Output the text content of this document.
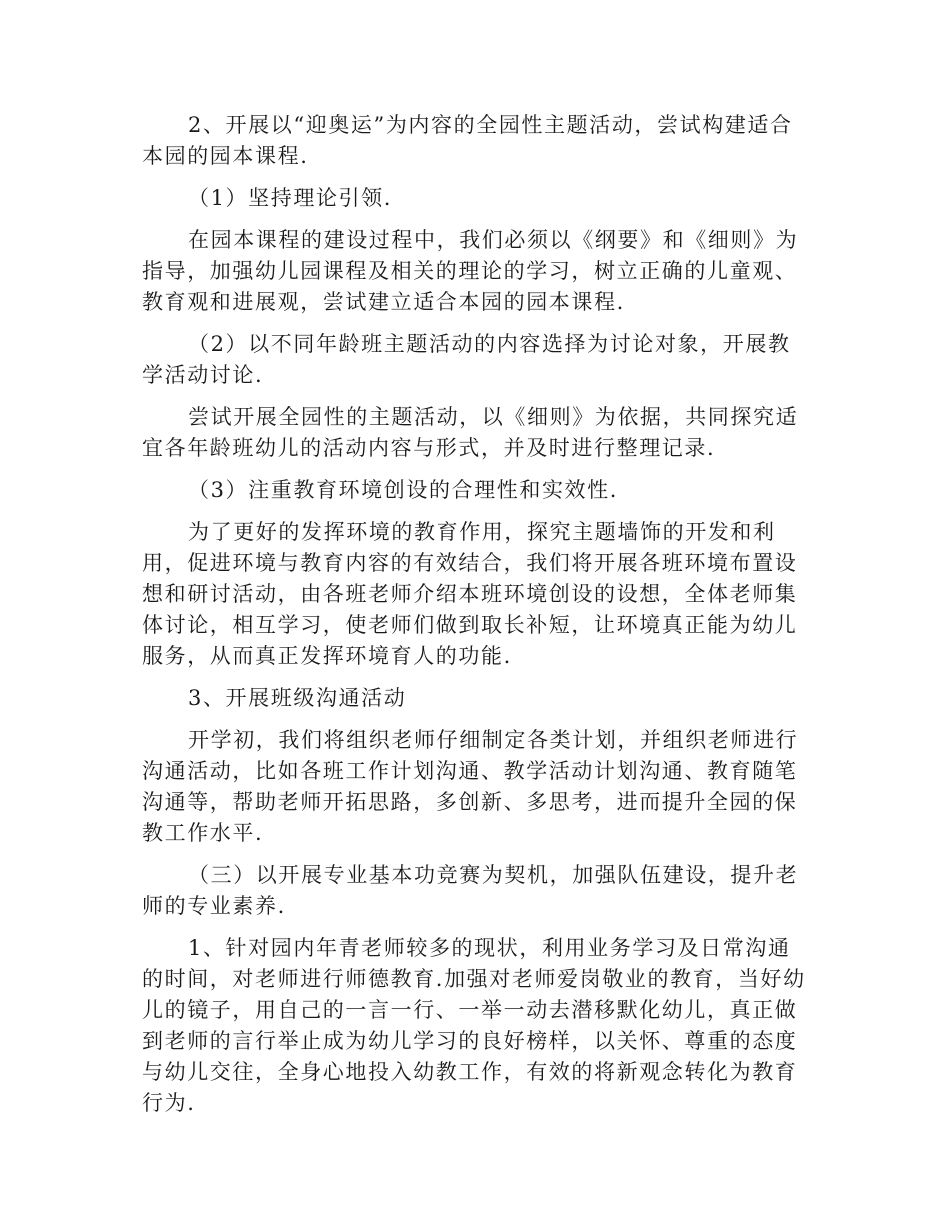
2、开展以“迎奥运”为内容的全园性主题活动，尝试构建适合本园的园本课程.

（1）坚持理论引领.

在园本课程的建设过程中，我们必须以《纲要》和《细则》为指导，加强幼儿园课程及相关的理论的学习，树立正确的儿童观、教育观和进展观，尝试建立适合本园的园本课程.

（2）以不同年龄班主题活动的内容选择为讨论对象，开展教学活动讨论.

尝试开展全园性的主题活动，以《细则》为依据，共同探究适宜各年龄班幼儿的活动内容与形式，并及时进行整理记录.

（3）注重教育环境创设的合理性和实效性.

为了更好的发挥环境的教育作用，探究主题墙饰的开发和利用，促进环境与教育内容的有效结合，我们将开展各班环境布置设想和研讨活动，由各班老师介绍本班环境创设的设想，全体老师集体讨论，相互学习，使老师们做到取长补短，让环境真正能为幼儿服务，从而真正发挥环境育人的功能.

3、开展班级沟通活动

开学初，我们将组织老师仔细制定各类计划，并组织老师进行沟通活动，比如各班工作计划沟通、教学活动计划沟通、教育随笔沟通等，帮助老师开拓思路，多创新、多思考，进而提升全园的保教工作水平.

（三）以开展专业基本功竞赛为契机，加强队伍建设，提升老师的专业素养.

1、针对园内年青老师较多的现状，利用业务学习及日常沟通的时间，对老师进行师德教育.加强对老师爱岗敬业的教育，当好幼儿的镜子，用自己的一言一行、一举一动去潜移默化幼儿，真正做到老师的言行举止成为幼儿学习的良好榜样，以关怀、尊重的态度与幼儿交往，全身心地投入幼教工作，有效的将新观念转化为教育行为.
